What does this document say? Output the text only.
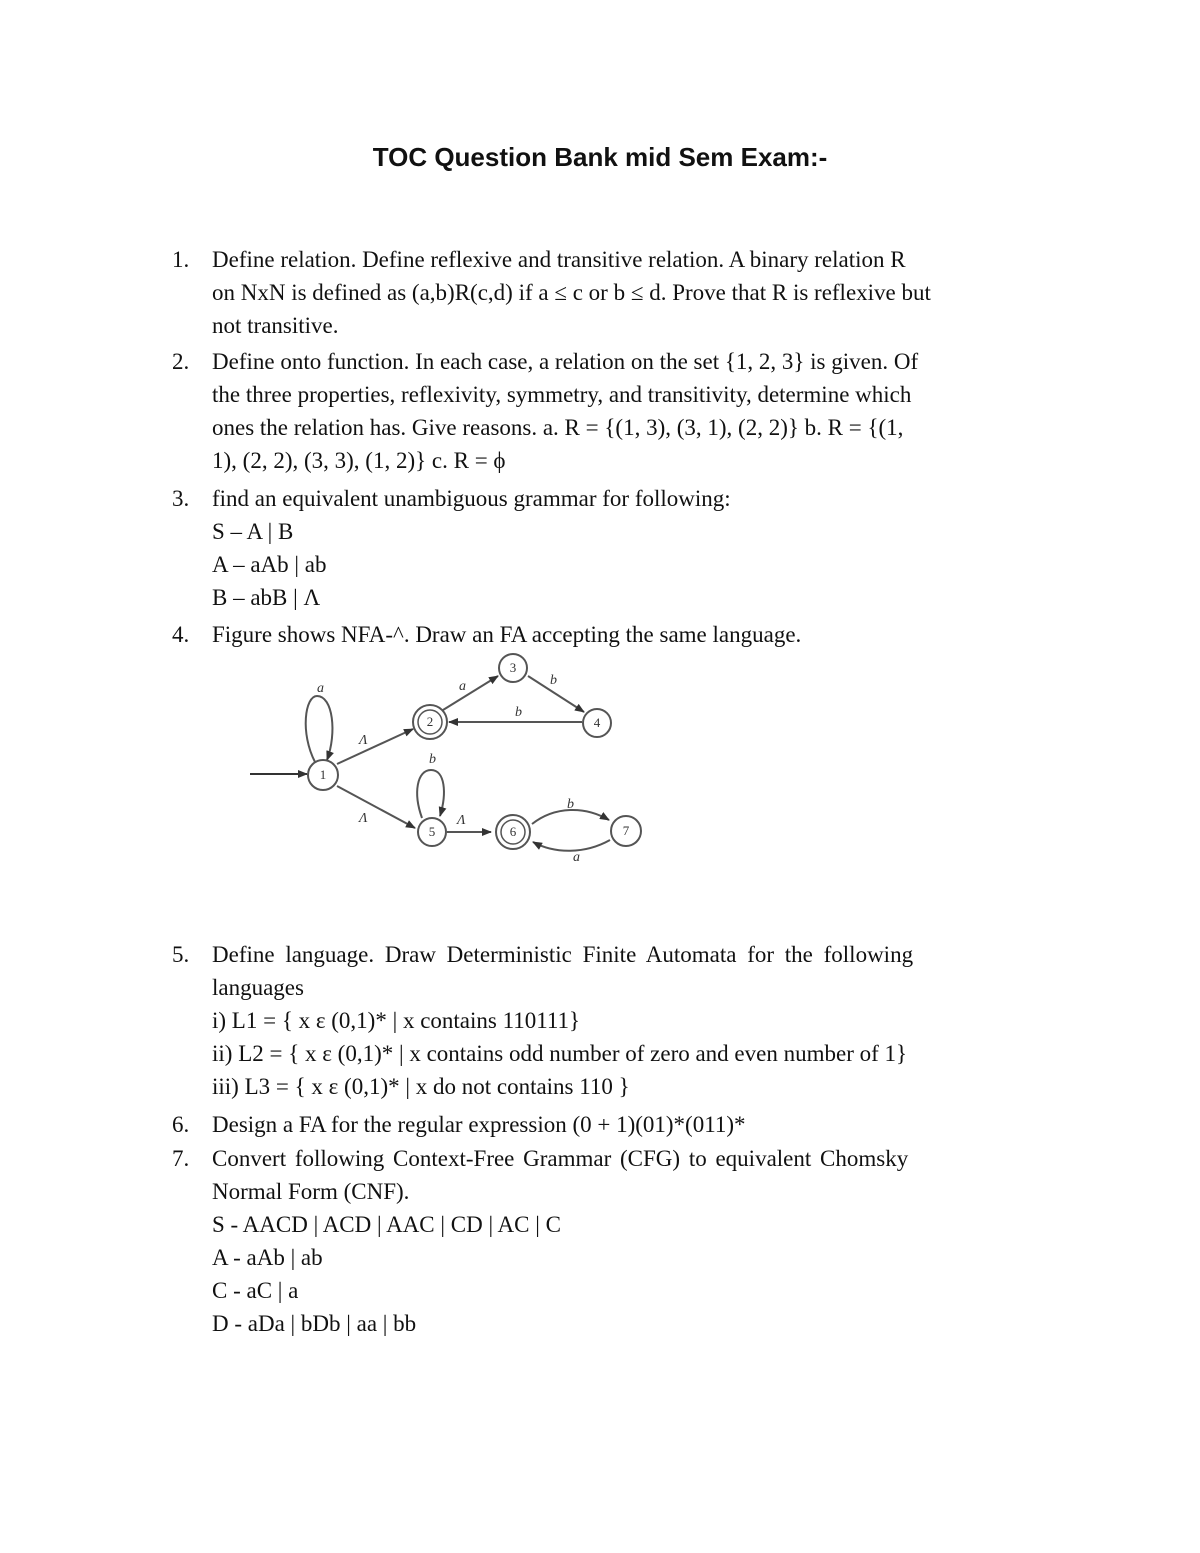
TOC Question Bank mid Sem Exam:-
1. Define relation. Define reflexive and transitive relation. A binary relation R
on NxN is defined as (a,b)R(c,d) if a ≤ c or b ≤ d. Prove that R is reflexive but
not transitive.
2. Define onto function. In each case, a relation on the set {1, 2, 3} is given. Of
the three properties, reflexivity, symmetry, and transitivity, determine which
ones the relation has. Give reasons. a. R = {(1, 3), (3, 1), (2, 2)} b. R = {(1,
1), (2, 2), (3, 3), (1, 2)} c. R = ϕ
3. find an equivalent unambiguous grammar for following:
S – A | B
A – aAb | ab
B – abB | Λ
4. Figure shows NFA-^. Draw an FA accepting the same language.
a
Λ
Λ
a	b
b
b
Λ
b
a
1
2
3
4
5	6	7
5. Define language. Draw Deterministic Finite Automata for the following
languages
i) L1 = { x ε (0,1)* | x contains 110111}
ii) L2 = { x ε (0,1)* | x contains odd number of zero and even number of 1}
iii) L3 = { x ε (0,1)* | x do not contains 110 }
6. Design a FA for the regular expression (0 + 1)(01)*(011)*
7. Convert following Context-Free Grammar (CFG) to equivalent Chomsky
Normal Form (CNF).
S - AACD | ACD | AAC | CD | AC | C
A - aAb | ab
C - aC | a
D - aDa | bDb | aa | bb
